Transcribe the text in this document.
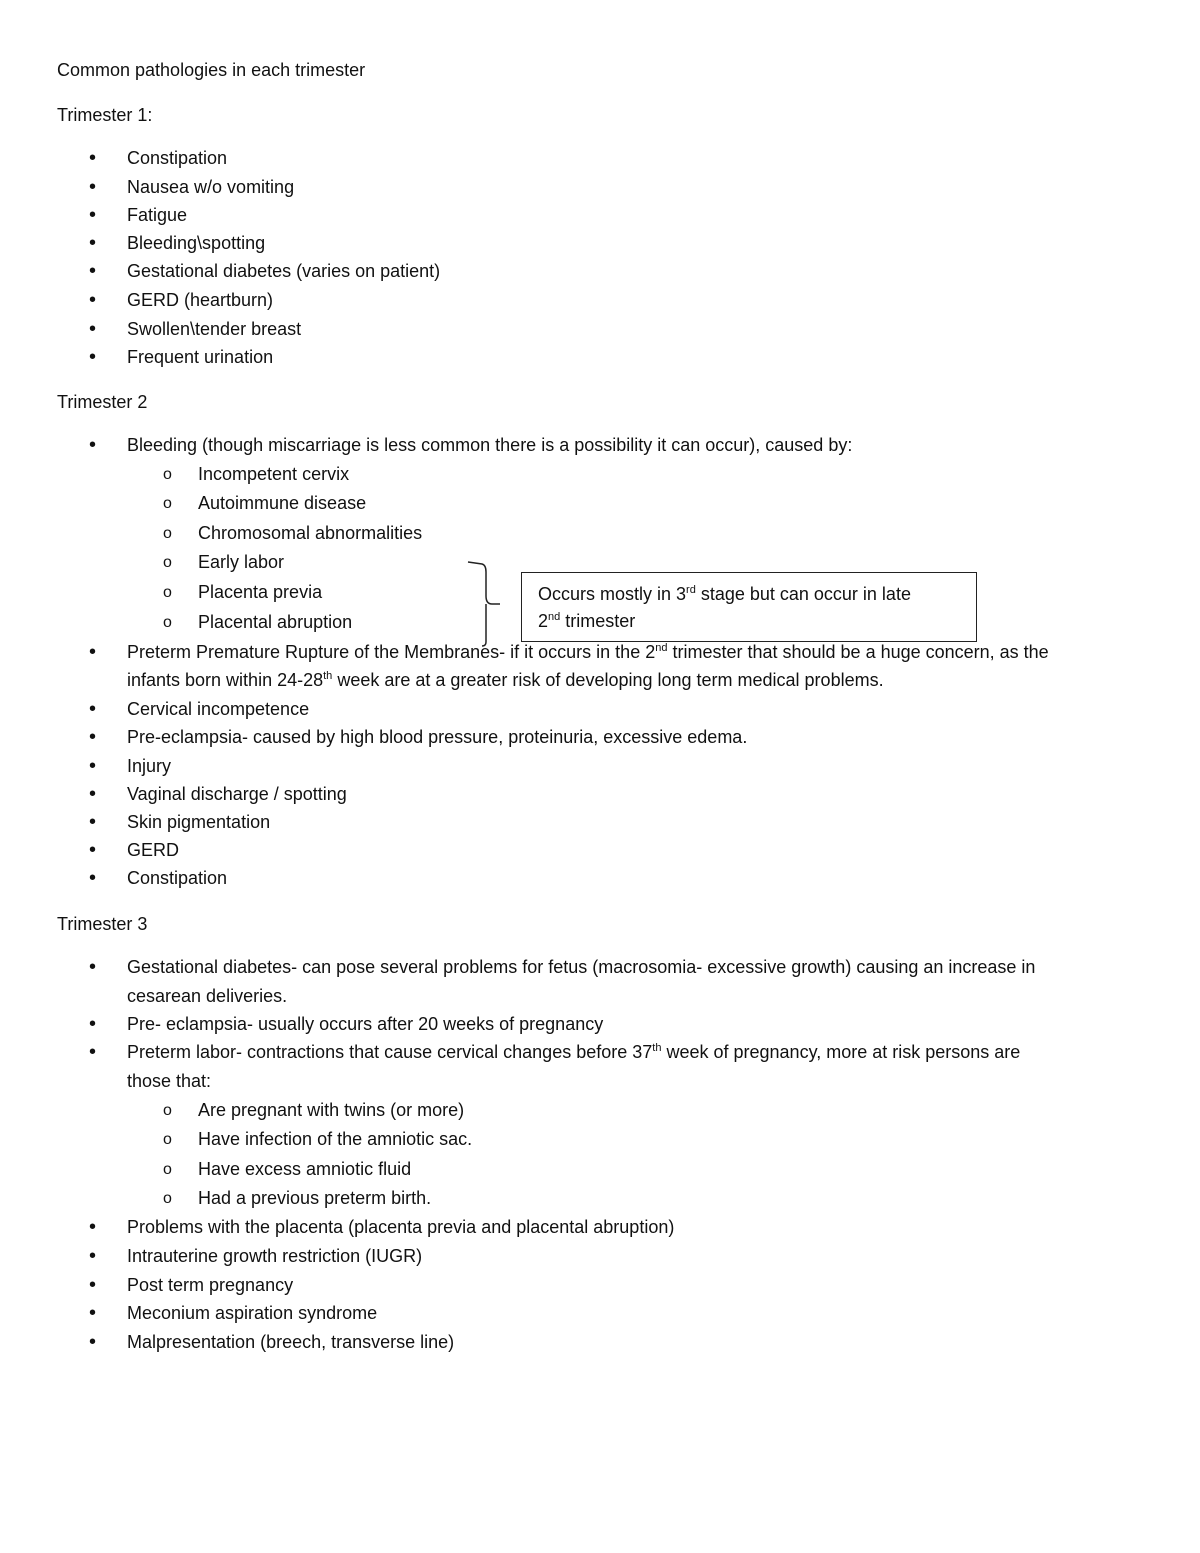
Common pathologies in each trimester
Trimester 1:
• Constipation
• Nausea w/o vomiting
• Fatigue
• Bleeding\spotting
• Gestational diabetes (varies on patient)
• GERD (heartburn)
• Swollen\tender breast
• Frequent urination
Trimester 2
• Bleeding (though miscarriage is less common there is a possibility it can occur), caused by:
o Incompetent cervix
o Autoimmune disease
o Chromosomal abnormalities
o Early labor
o Placenta previa
o Placental abruption
Occurs mostly in 3rd stage but can occur in late
2nd trimester
• Preterm Premature Rupture of the Membranes- if it occurs in the 2nd trimester that should be a huge concern, as the
infants born within 24-28th week are at a greater risk of developing long term medical problems.
• Cervical incompetence
• Pre-eclampsia- caused by high blood pressure, proteinuria, excessive edema.
• Injury
• Vaginal discharge / spotting
• Skin pigmentation
• GERD
• Constipation
Trimester 3
• Gestational diabetes- can pose several problems for fetus (macrosomia- excessive growth) causing an increase in
cesarean deliveries.
• Pre- eclampsia- usually occurs after 20 weeks of pregnancy
• Preterm labor- contractions that cause cervical changes before 37th week of pregnancy, more at risk persons are
those that:
o Are pregnant with twins (or more)
o Have infection of the amniotic sac.
o Have excess amniotic fluid
o Had a previous preterm birth.
• Problems with the placenta (placenta previa and placental abruption)
• Intrauterine growth restriction (IUGR)
• Post term pregnancy
• Meconium aspiration syndrome
• Malpresentation (breech, transverse line)
